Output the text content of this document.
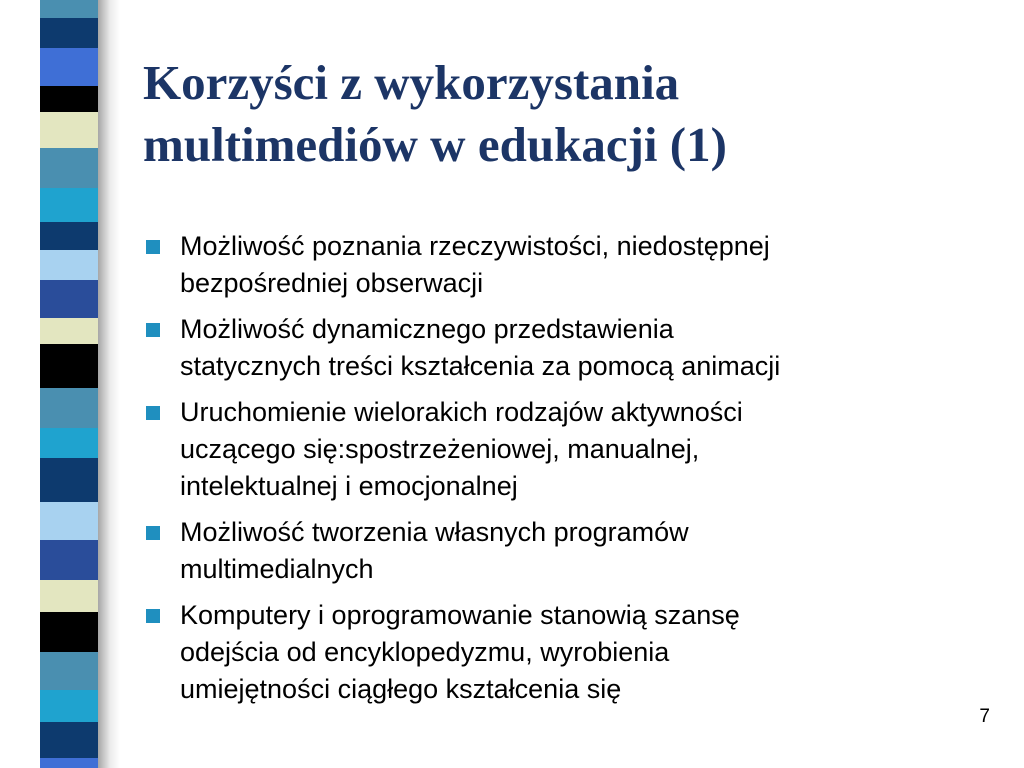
Korzyści z wykorzystania
multimediów w edukacji (1)
Możliwość poznania rzeczywistości, niedostępnej
bezpośredniej obserwacji
Możliwość dynamicznego przedstawienia
statycznych treści kształcenia za pomocą animacji
Uruchomienie wielorakich rodzajów aktywności
uczącego się:spostrzeżeniowej, manualnej,
intelektualnej i emocjonalnej
Możliwość tworzenia własnych programów
multimedialnych
Komputery i oprogramowanie stanowią szansę
odejścia od encyklopedyzmu, wyrobienia
umiejętności ciągłego kształcenia się
7
